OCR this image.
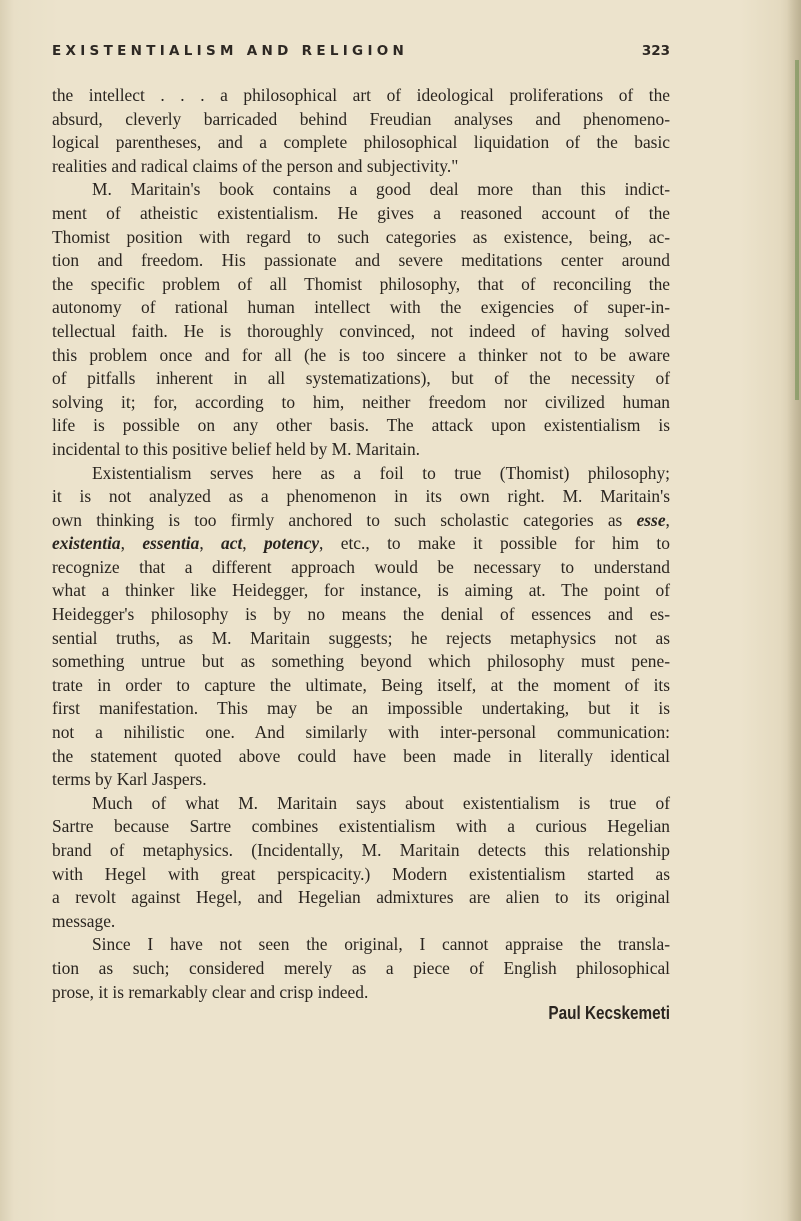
EXISTENTIALISM AND RELIGION	323
the intellect . . . a philosophical art of ideological proliferations of the
absurd, cleverly barricaded behind Freudian analyses and phenomeno-
logical parentheses, and a complete philosophical liquidation of the basic
realities and radical claims of the person and subjectivity."
M. Maritain's book contains a good deal more than this indict-
ment of atheistic existentialism. He gives a reasoned account of the
Thomist position with regard to such categories as existence, being, ac-
tion and freedom. His passionate and severe meditations center around
the specific problem of all Thomist philosophy, that of reconciling the
autonomy of rational human intellect with the exigencies of super-in-
tellectual faith. He is thoroughly convinced, not indeed of having solved
this problem once and for all (he is too sincere a thinker not to be aware
of pitfalls inherent in all systematizations), but of the necessity of
solving it; for, according to him, neither freedom nor civilized human
life is possible on any other basis. The attack upon existentialism is
incidental to this positive belief held by M. Maritain.
Existentialism serves here as a foil to true (Thomist) philosophy;
it is not analyzed as a phenomenon in its own right. M. Maritain's
own thinking is too firmly anchored to such scholastic categories as esse,
existentia, essentia, act, potency, etc., to make it possible for him to
recognize that a different approach would be necessary to understand
what a thinker like Heidegger, for instance, is aiming at. The point of
Heidegger's philosophy is by no means the denial of essences and es-
sential truths, as M. Maritain suggests; he rejects metaphysics not as
something untrue but as something beyond which philosophy must pene-
trate in order to capture the ultimate, Being itself, at the moment of its
first manifestation. This may be an impossible undertaking, but it is
not a nihilistic one. And similarly with inter-personal communication:
the statement quoted above could have been made in literally identical
terms by Karl Jaspers.
Much of what M. Maritain says about existentialism is true of
Sartre because Sartre combines existentialism with a curious Hegelian
brand of metaphysics. (Incidentally, M. Maritain detects this relationship
with Hegel with great perspicacity.) Modern existentialism started as
a revolt against Hegel, and Hegelian admixtures are alien to its original
message.
Since I have not seen the original, I cannot appraise the transla-
tion as such; considered merely as a piece of English philosophical
prose, it is remarkably clear and crisp indeed.
Paul Kecskemeti
